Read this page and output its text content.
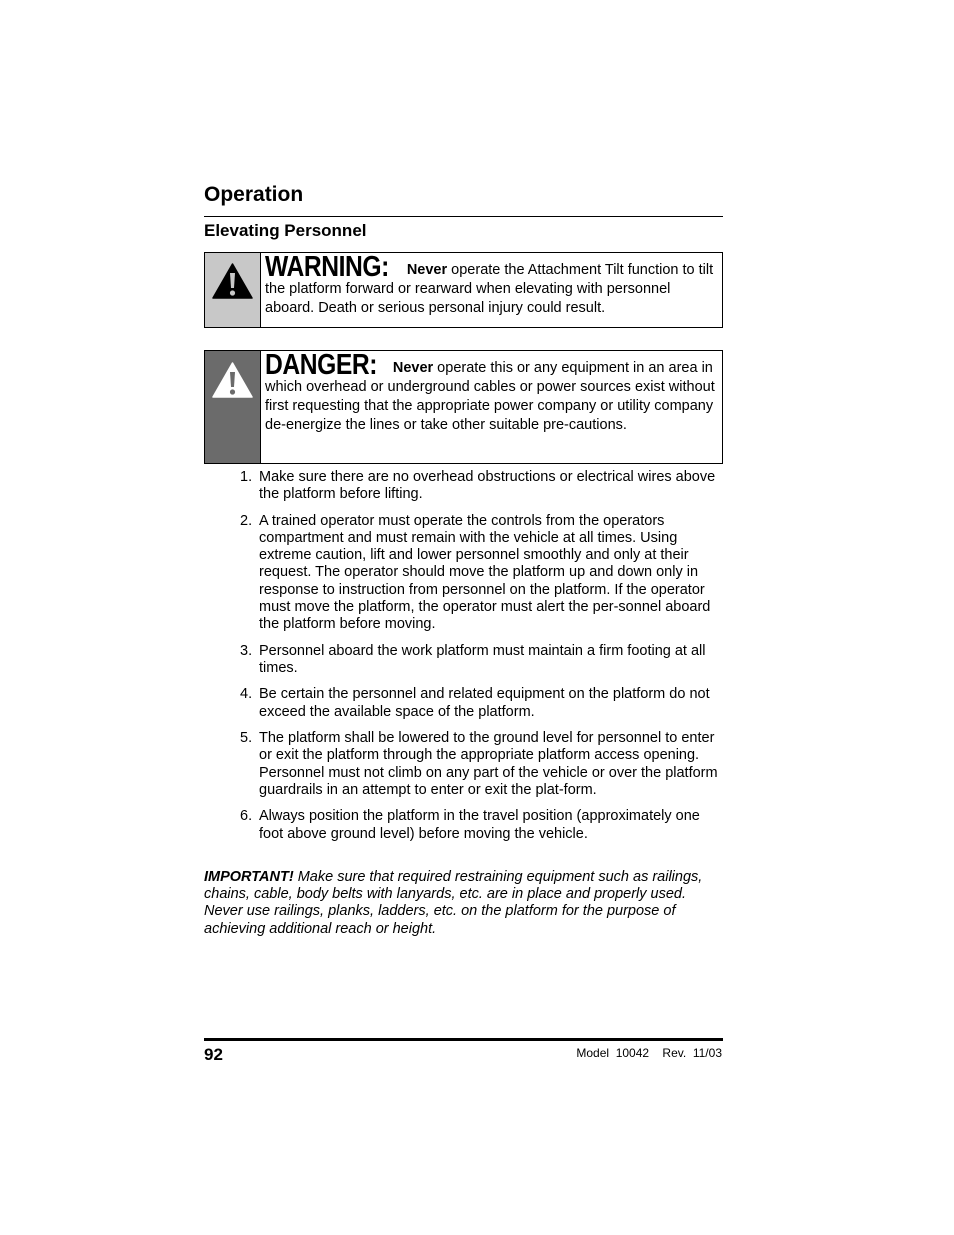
Operation
Elevating Personnel
WARNING: Never operate the Attachment Tilt function to tilt the platform forward or rearward when elevating with personnel aboard. Death or serious personal injury could result.
DANGER: Never operate this or any equipment in an area in which overhead or underground cables or power sources exist without first requesting that the appropriate power company or utility company de-energize the lines or take other suitable pre-cautions.
1. Make sure there are no overhead obstructions or electrical wires above the platform before lifting.
2. A trained operator must operate the controls from the operators compartment and must remain with the vehicle at all times. Using extreme caution, lift and lower personnel smoothly and only at their request. The operator should move the platform up and down only in response to instruction from personnel on the platform. If the operator must move the platform, the operator must alert the per-sonnel aboard the platform before moving.
3. Personnel aboard the work platform must maintain a firm footing at all times.
4. Be certain the personnel and related equipment on the platform do not exceed the available space of the platform.
5. The platform shall be lowered to the ground level for personnel to enter or exit the platform through the appropriate platform access opening. Personnel must not climb on any part of the vehicle or over the platform guardrails in an attempt to enter or exit the plat-form.
6. Always position the platform in the travel position (approximately one foot above ground level) before moving the vehicle.

IMPORTANT! Make sure that required restraining equipment such as railings, chains, cable, body belts with lanyards, etc. are in place and properly used. Never use railings, planks, ladders, etc. on the platform for the purpose of achieving additional reach or height.

92	Model  10042    Rev.  11/03
